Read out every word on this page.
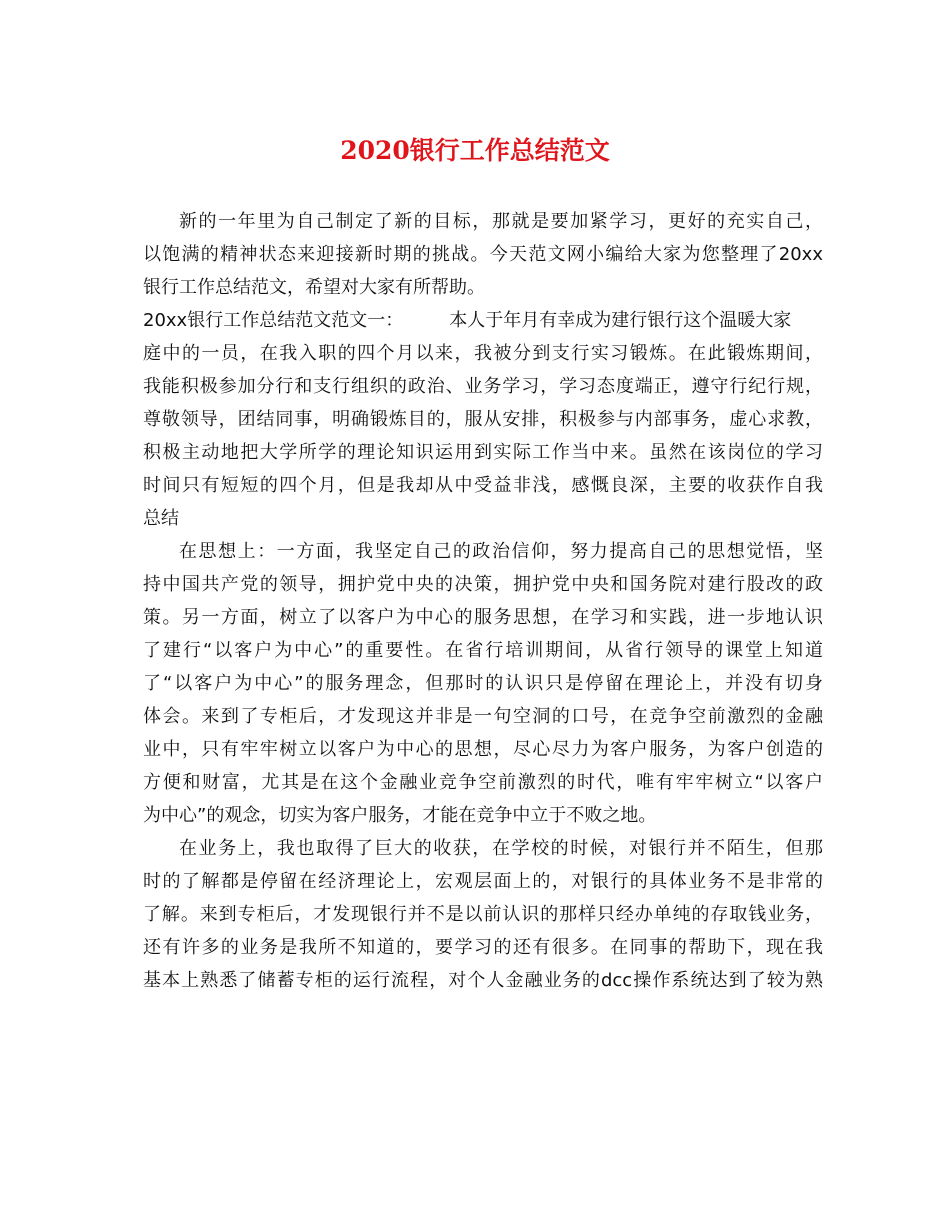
2020银行工作总结范文
新的一年里为自己制定了新的目标，那就是要加紧学习，更好的充实自己，
以饱满的精神状态来迎接新时期的挑战。今天范文网小编给大家为您整理了20xx
银行工作总结范文，希望对大家有所帮助。
20xx银行工作总结范文范文一：	本人于年月有幸成为建行银行这个温暖大家
庭中的一员，在我入职的四个月以来，我被分到支行实习锻炼。在此锻炼期间，
我能积极参加分行和支行组织的政治、业务学习，学习态度端正，遵守行纪行规，
尊敬领导，团结同事，明确锻炼目的，服从安排，积极参与内部事务，虚心求教，
积极主动地把大学所学的理论知识运用到实际工作当中来。虽然在该岗位的学习
时间只有短短的四个月，但是我却从中受益非浅，感慨良深，主要的收获作自我
总结
在思想上：一方面，我坚定自己的政治信仰，努力提高自己的思想觉悟，坚
持中国共产党的领导，拥护党中央的决策，拥护党中央和国务院对建行股改的政
策。另一方面，树立了以客户为中心的服务思想，在学习和实践，进一步地认识
了建行“以客户为中心”的重要性。在省行培训期间，从省行领导的课堂上知道
了“以客户为中心”的服务理念，但那时的认识只是停留在理论上，并没有切身
体会。来到了专柜后，才发现这并非是一句空洞的口号，在竞争空前激烈的金融
业中，只有牢牢树立以客户为中心的思想，尽心尽力为客户服务，为客户创造的
方便和财富，尤其是在这个金融业竞争空前激烈的时代，唯有牢牢树立“以客户
为中心”的观念，切实为客户服务，才能在竞争中立于不败之地。
在业务上，我也取得了巨大的收获，在学校的时候，对银行并不陌生，但那
时的了解都是停留在经济理论上，宏观层面上的，对银行的具体业务不是非常的
了解。来到专柜后，才发现银行并不是以前认识的那样只经办单纯的存取钱业务，
还有许多的业务是我所不知道的，要学习的还有很多。在同事的帮助下，现在我
基本上熟悉了储蓄专柜的运行流程，对个人金融业务的dcc操作系统达到了较为熟
